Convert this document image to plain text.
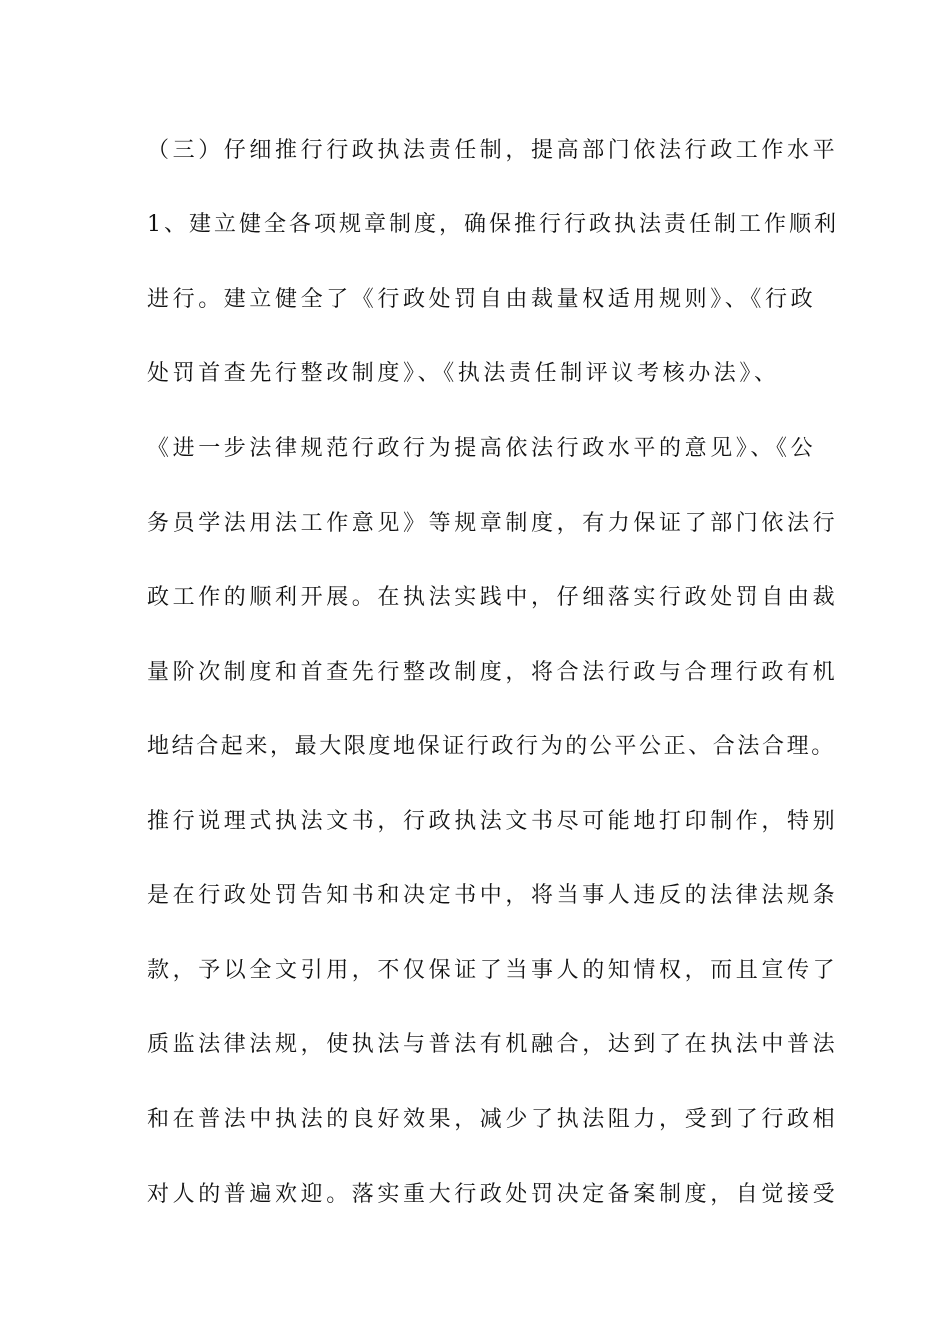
（三）仔细推行行政执法责任制，提高部门依法行政工作水平
1、建立健全各项规章制度，确保推行行政执法责任制工作顺利
进行。建立健全了《行政处罚自由裁量权适用规则》、《行政
处罚首查先行整改制度》、《执法责任制评议考核办法》、
《进一步法律规范行政行为提高依法行政水平的意见》、《公
务员学法用法工作意见》等规章制度，有力保证了部门依法行
政工作的顺利开展。在执法实践中，仔细落实行政处罚自由裁
量阶次制度和首查先行整改制度，将合法行政与合理行政有机
地结合起来，最大限度地保证行政行为的公平公正、合法合理。
推行说理式执法文书，行政执法文书尽可能地打印制作，特别
是在行政处罚告知书和决定书中，将当事人违反的法律法规条
款，予以全文引用，不仅保证了当事人的知情权，而且宣传了
质监法律法规，使执法与普法有机融合，达到了在执法中普法
和在普法中执法的良好效果，减少了执法阻力，受到了行政相
对人的普遍欢迎。落实重大行政处罚决定备案制度，自觉接受
